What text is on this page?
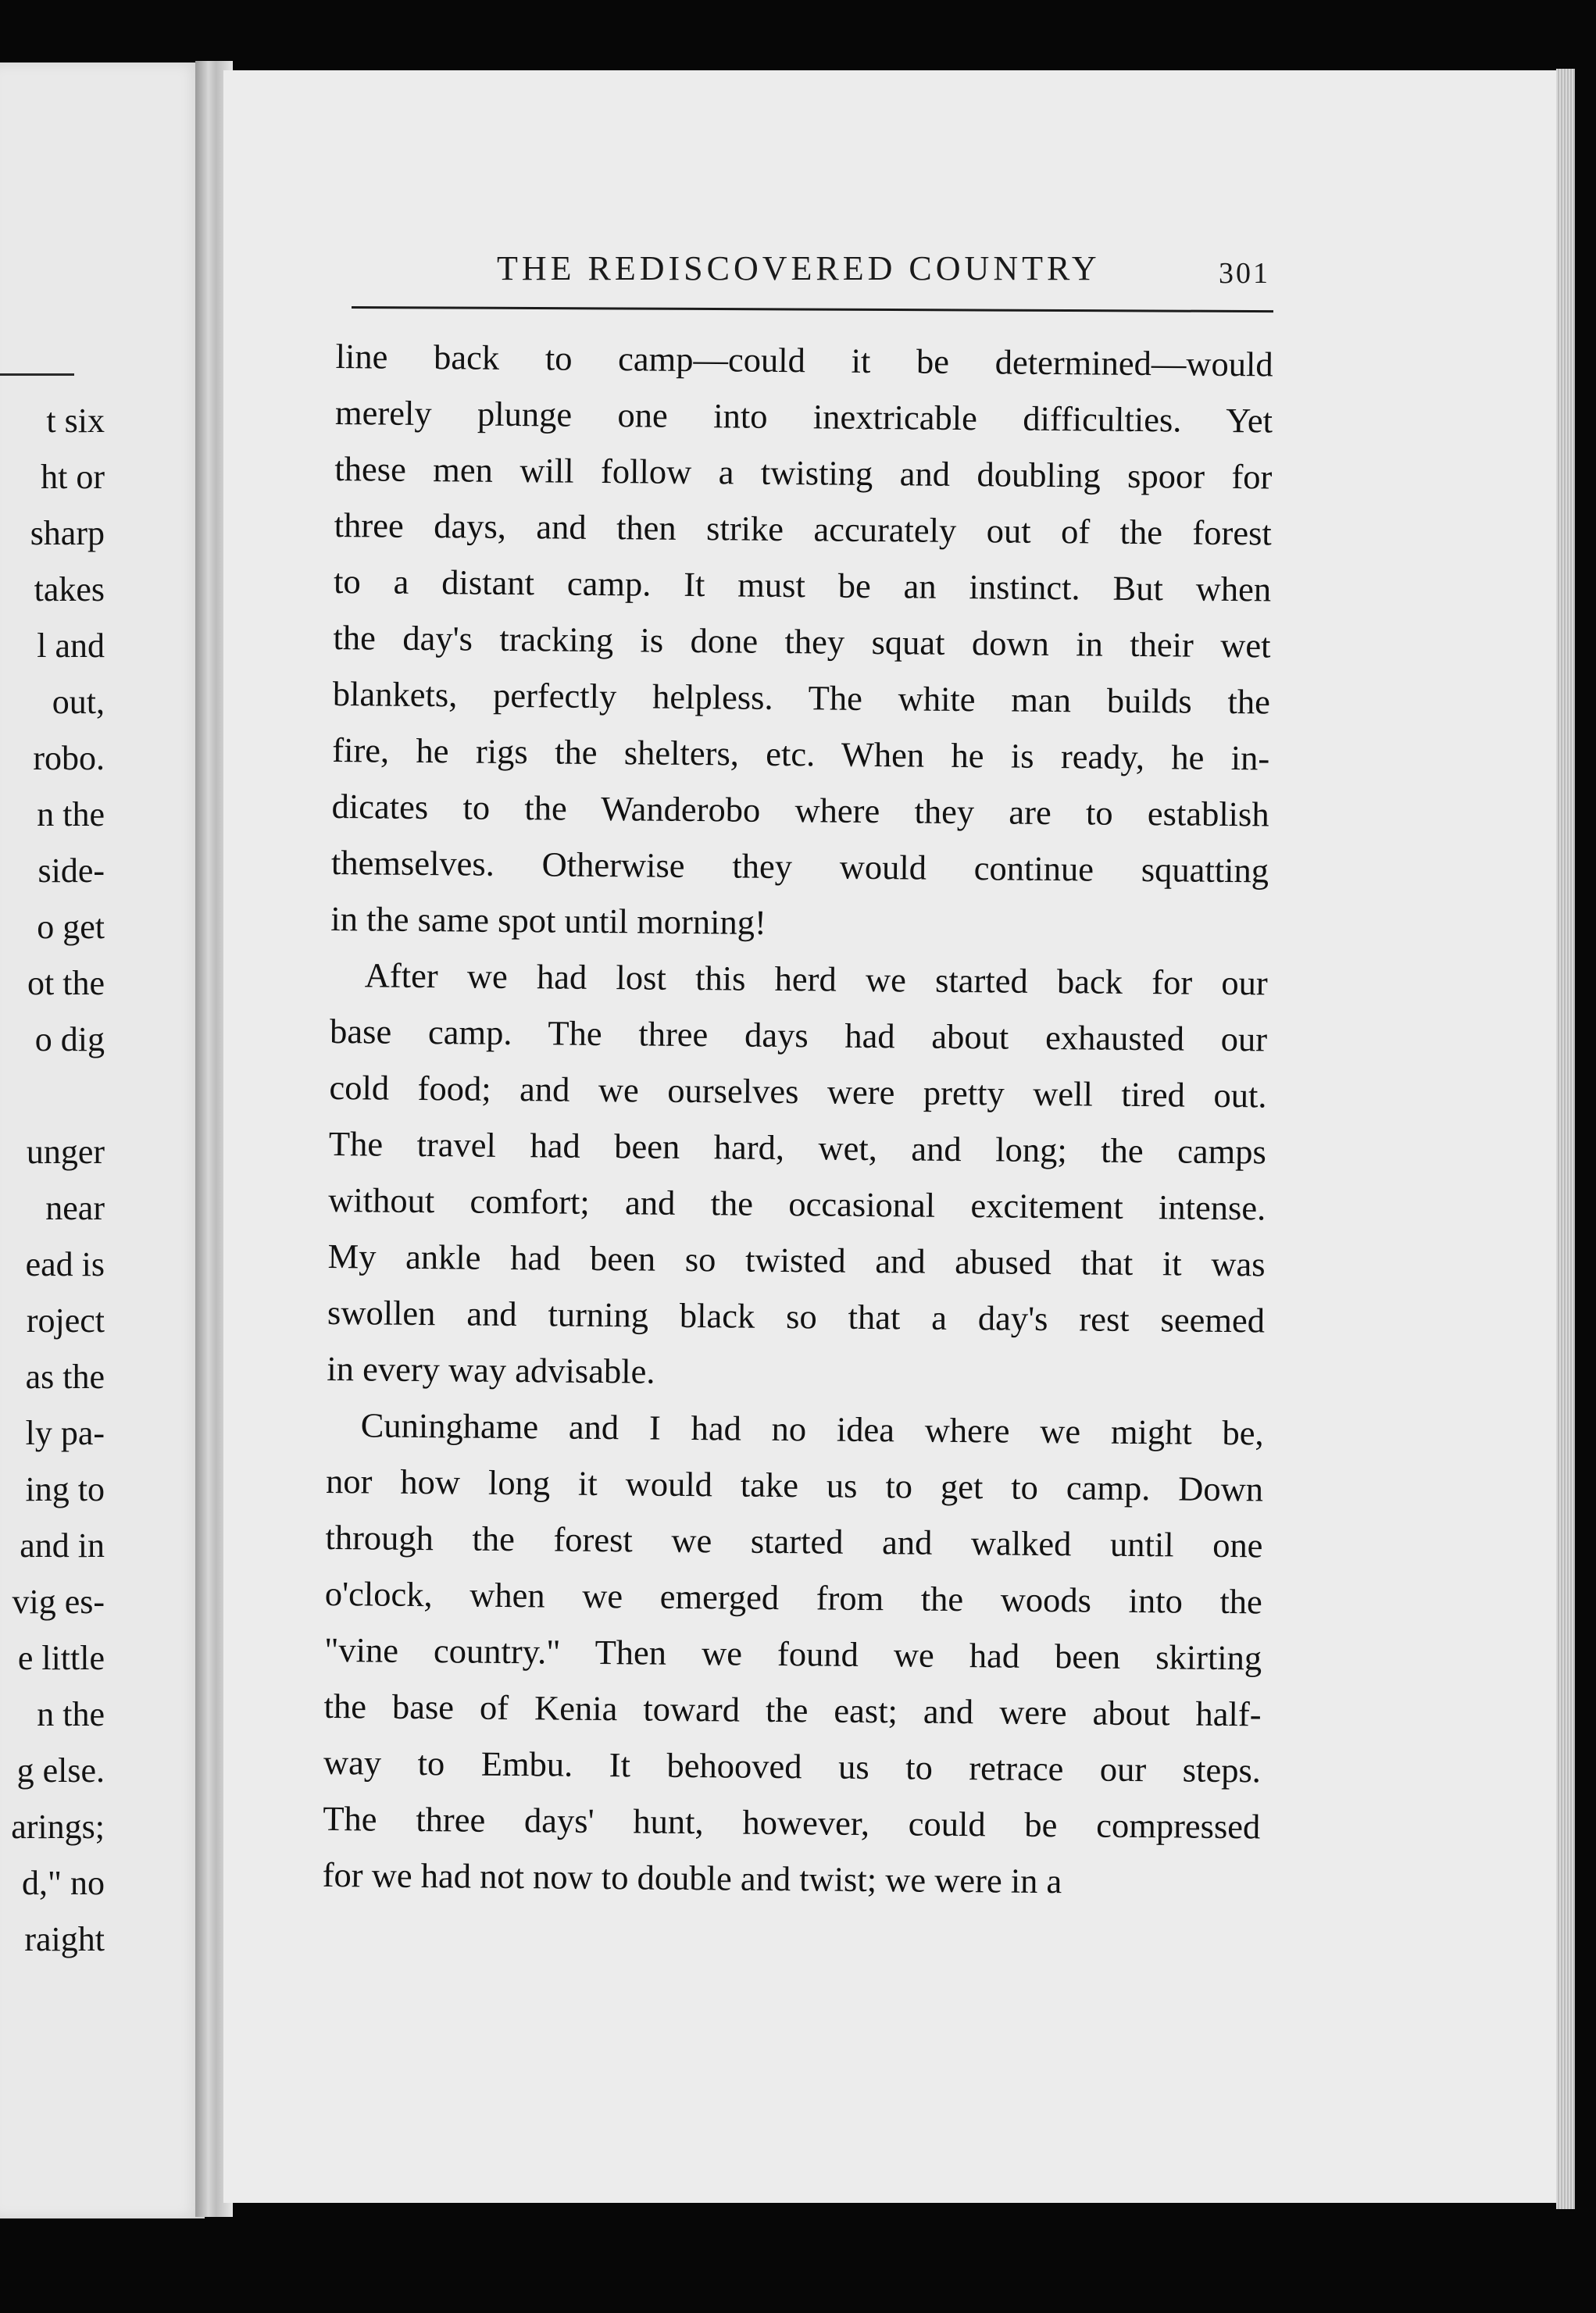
t six
ht or
sharp
takes
l and
out,
robo.
n the
side-
o get
ot the
o dig
unger
near
ead is
roject
as the
ly pa-
ing to
and in
vig es-
e little
n the
g else.
arings;
d," no
raight
THE REDISCOVERED COUNTRY	301
line back to camp—could it be determined—would
merely plunge one into inextricable difficulties. Yet
these men will follow a twisting and doubling spoor for
three days, and then strike accurately out of the forest
to a distant camp. It must be an instinct. But when
the day's tracking is done they squat down in their wet
blankets, perfectly helpless. The white man builds the
fire, he rigs the shelters, etc. When he is ready, he in-
dicates to the Wanderobo where they are to establish
themselves. Otherwise they would continue squatting
in the same spot until morning!
After we had lost this herd we started back for our
base camp. The three days had about exhausted our
cold food; and we ourselves were pretty well tired out.
The travel had been hard, wet, and long; the camps
without comfort; and the occasional excitement intense.
My ankle had been so twisted and abused that it was
swollen and turning black so that a day's rest seemed
in every way advisable.
Cuninghame and I had no idea where we might be,
nor how long it would take us to get to camp. Down
through the forest we started and walked until one
o'clock, when we emerged from the woods into the
"vine country." Then we found we had been skirting
the base of Kenia toward the east; and were about half-
way to Embu. It behooved us to retrace our steps.
The three days' hunt, however, could be compressed
for we had not now to double and twist; we were in a
